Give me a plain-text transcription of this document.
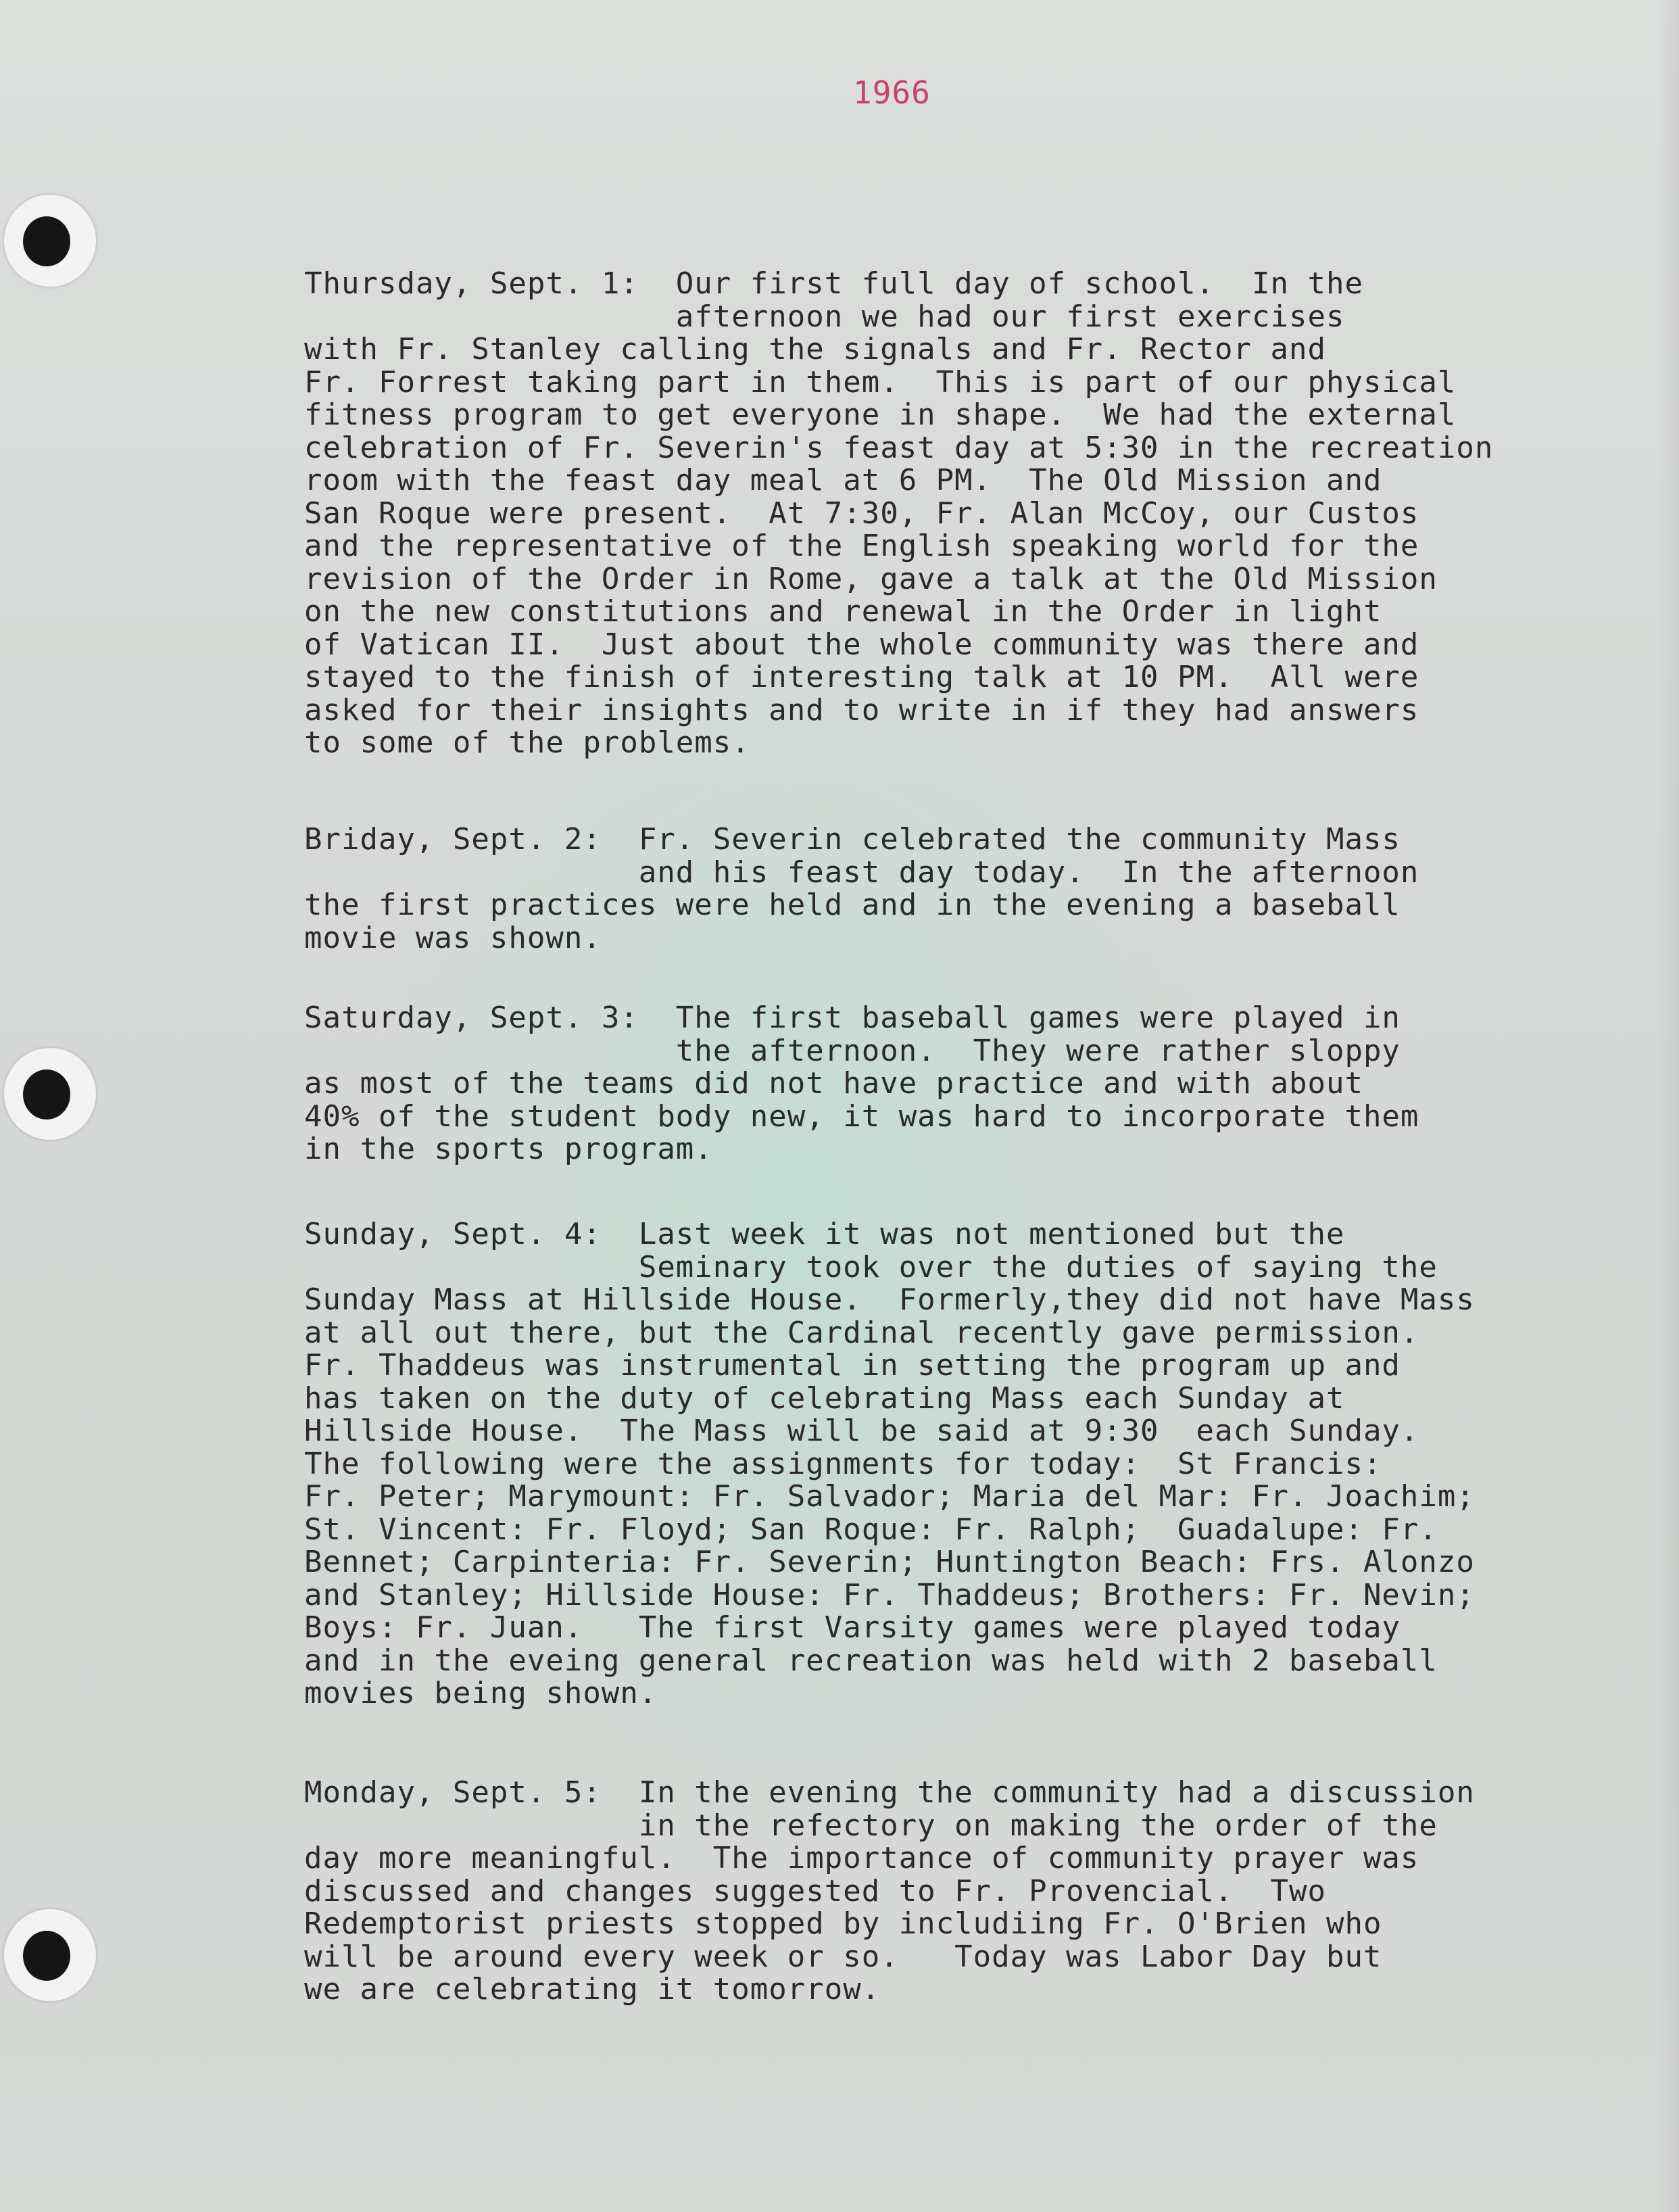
1966
Thursday, Sept. 1:  Our first full day of school.  In the
afternoon we had our first exercises
with Fr. Stanley calling the signals and Fr. Rector and
Fr. Forrest taking part in them.  This is part of our physical
fitness program to get everyone in shape.  We had the external
celebration of Fr. Severin's feast day at 5:30 in the recreation
room with the feast day meal at 6 PM.  The Old Mission and
San Roque were present.  At 7:30, Fr. Alan McCoy, our Custos
and the representative of the English speaking world for the
revision of the Order in Rome, gave a talk at the Old Mission
on the new constitutions and renewal in the Order in light
of Vatican II.  Just about the whole community was there and
stayed to the finish of interesting talk at 10 PM.  All were
asked for their insights and to write in if they had answers
to some of the problems.
Briday, Sept. 2:  Fr. Severin celebrated the community Mass
and his feast day today.  In the afternoon
the first practices were held and in the evening a baseball
movie was shown.
Saturday, Sept. 3:  The first baseball games were played in
the afternoon.  They were rather sloppy
as most of the teams did not have practice and with about
40% of the student body new, it was hard to incorporate them
in the sports program.
Sunday, Sept. 4:  Last week it was not mentioned but the
Seminary took over the duties of saying the
Sunday Mass at Hillside House.  Formerly,they did not have Mass
at all out there, but the Cardinal recently gave permission.
Fr. Thaddeus was instrumental in setting the program up and
has taken on the duty of celebrating Mass each Sunday at
Hillside House.  The Mass will be said at 9:30  each Sunday.
The following were the assignments for today:  St Francis:
Fr. Peter; Marymount: Fr. Salvador; Maria del Mar: Fr. Joachim;
St. Vincent: Fr. Floyd; San Roque: Fr. Ralph;  Guadalupe: Fr.
Bennet; Carpinteria: Fr. Severin; Huntington Beach: Frs. Alonzo
and Stanley; Hillside House: Fr. Thaddeus; Brothers: Fr. Nevin;
Boys: Fr. Juan.   The first Varsity games were played today
and in the eveing general recreation was held with 2 baseball
movies being shown.
Monday, Sept. 5:  In the evening the community had a discussion
in the refectory on making the order of the
day more meaningful.  The importance of community prayer was
discussed and changes suggested to Fr. Provencial.  Two
Redemptorist priests stopped by includiing Fr. O'Brien who
will be around every week or so.   Today was Labor Day but
we are celebrating it tomorrow.
